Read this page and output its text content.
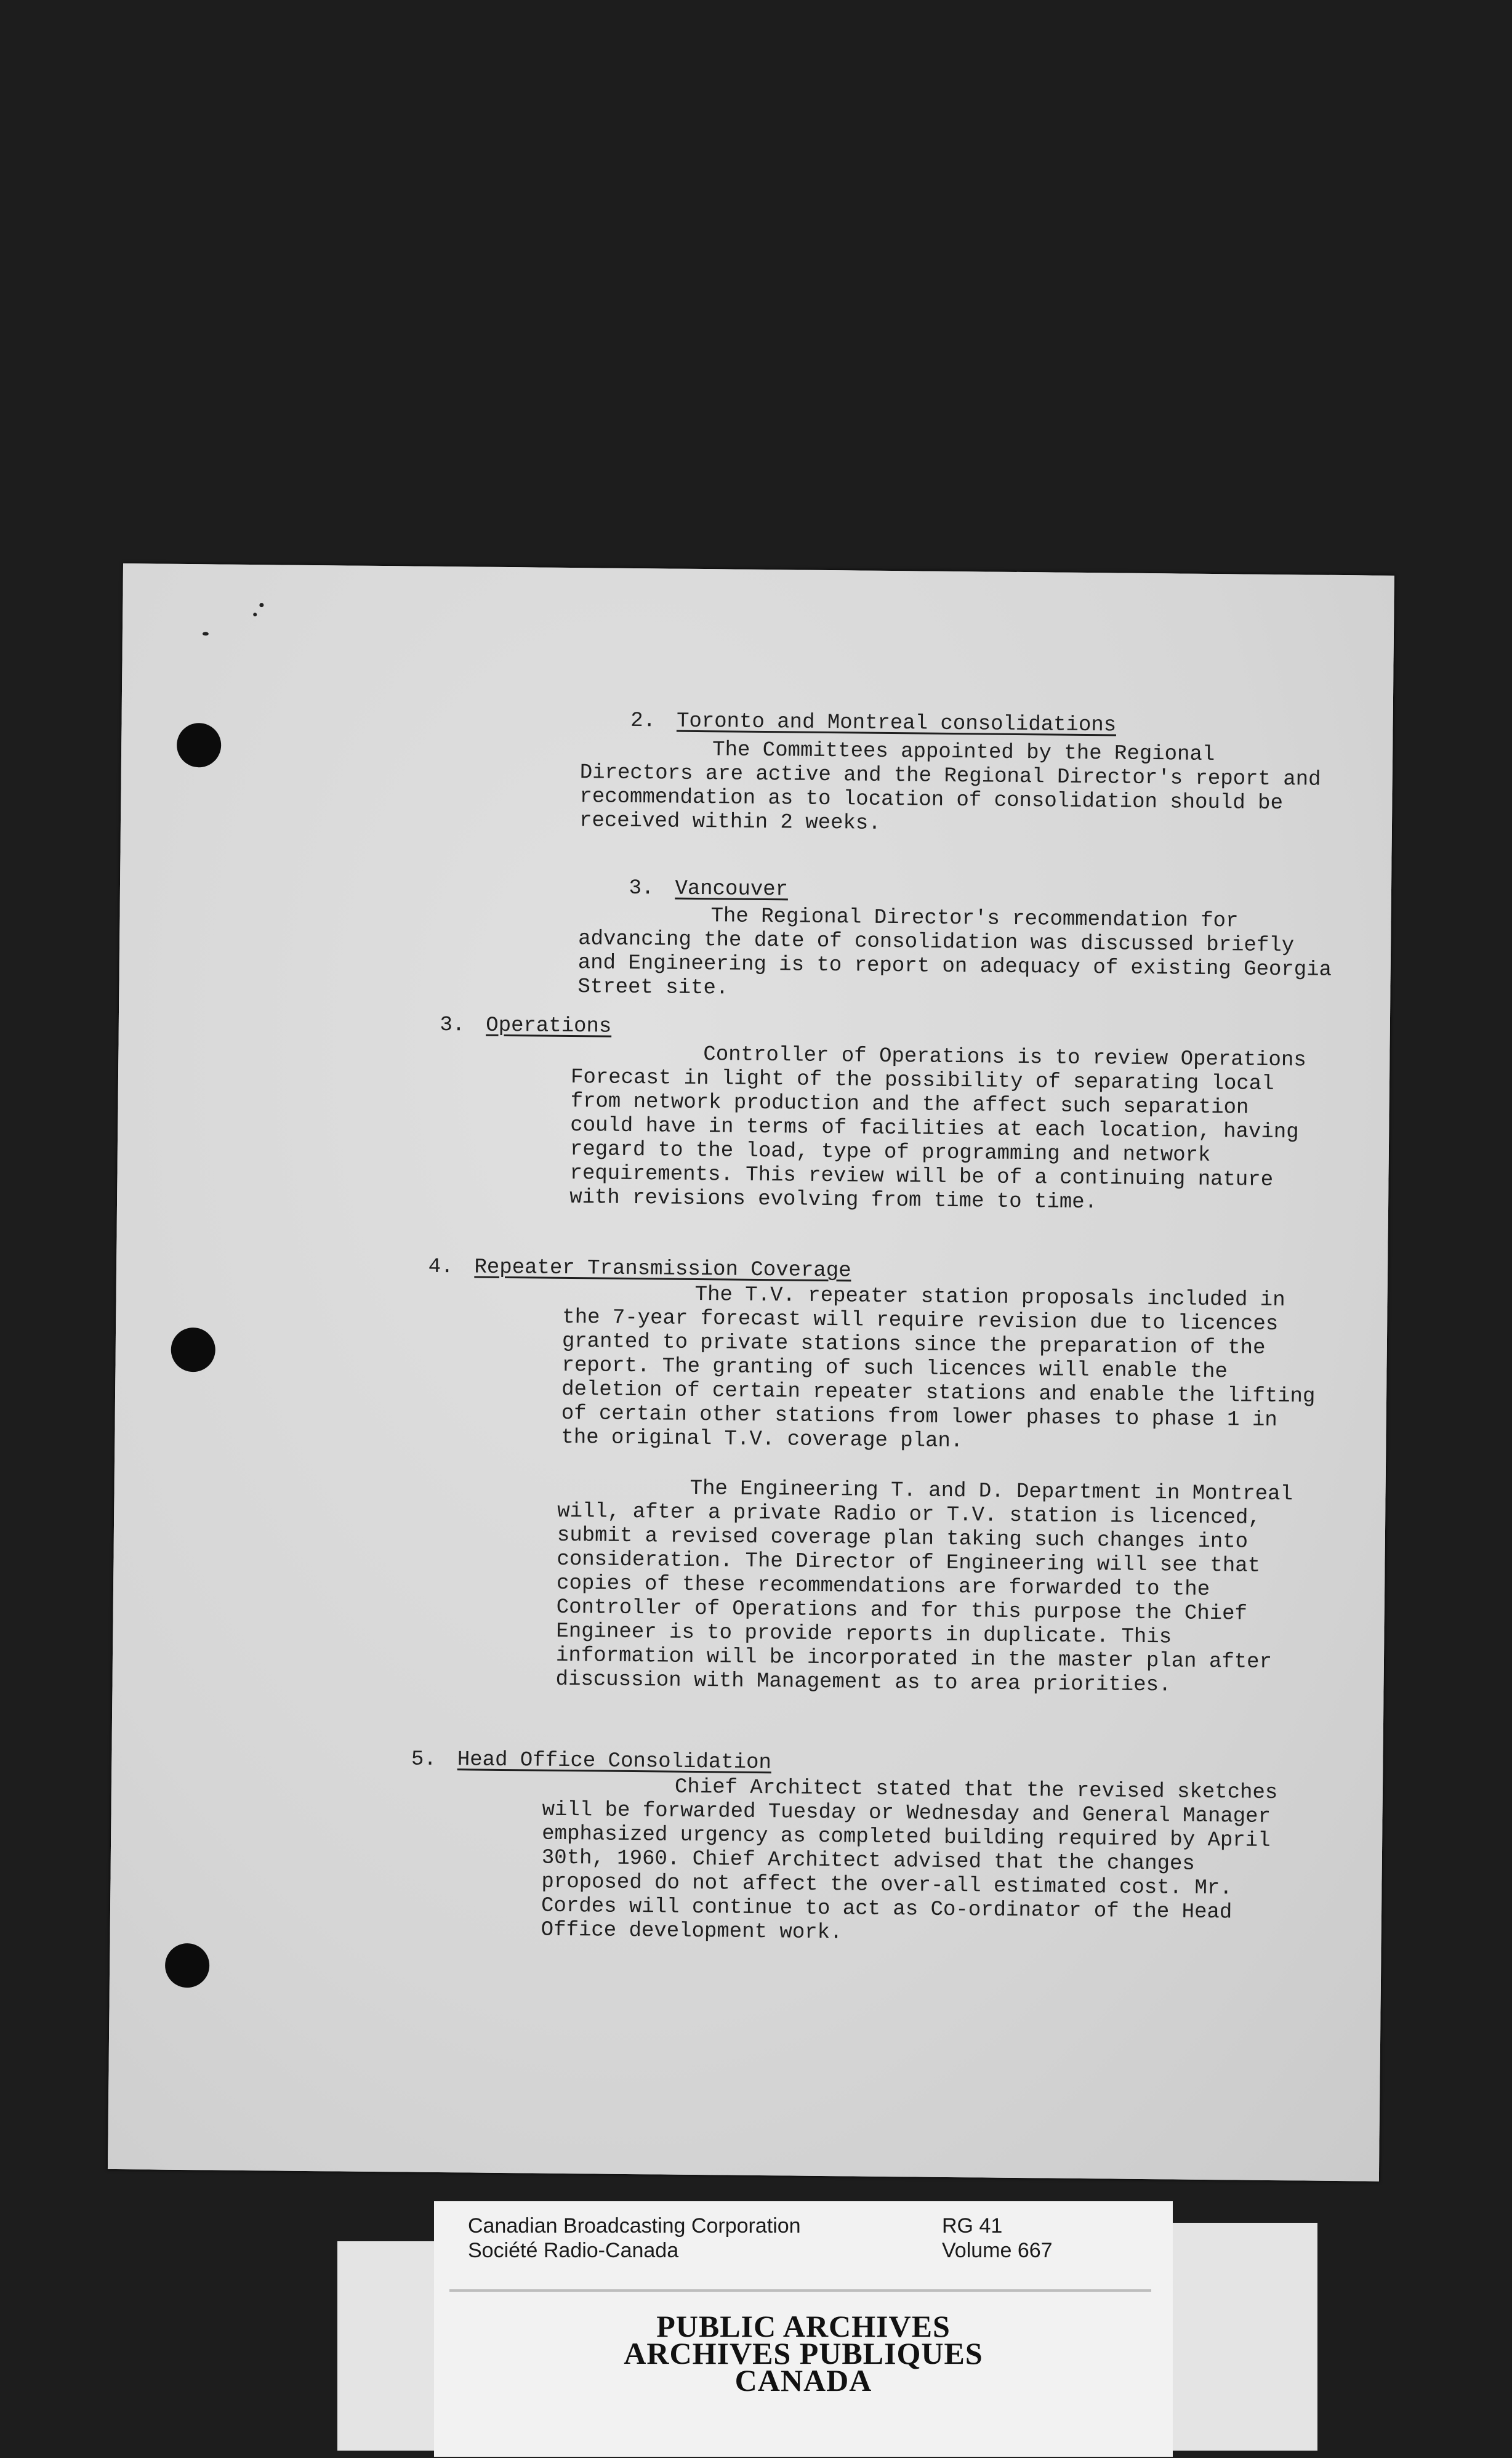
2. Toronto and Montreal consolidations

The Committees appointed by the Regional Directors are active and the Regional Director's report and recommendation as to location of consolidation should be received within 2 weeks.

3. Vancouver

The Regional Director's recommendation for advancing the date of consolidation was discussed briefly and Engineering is to report on adequacy of existing Georgia Street site.

3. Operations

Controller of Operations is to review Operations Forecast in light of the possibility of separating local from network production and the affect such separation could have in terms of facilities at each location, having regard to the load, type of programming and network requirements. This review will be of a continuing nature with revisions evolving from time to time.

4. Repeater Transmission Coverage

The T.V. repeater station proposals included in the 7-year forecast will require revision due to licences granted to private stations since the preparation of the report. The granting of such licences will enable the deletion of certain repeater stations and enable the lifting of certain other stations from lower phases to phase 1 in the original T.V. coverage plan.

The Engineering T. and D. Department in Montreal will, after a private Radio or T.V. station is licenced, submit a revised coverage plan taking such changes into consideration. The Director of Engineering will see that copies of these recommendations are forwarded to the Controller of Operations and for this purpose the Chief Engineer is to provide reports in duplicate. This information will be incorporated in the master plan after discussion with Management as to area priorities.

5. Head Office Consolidation

Chief Architect stated that the revised sketches will be forwarded Tuesday or Wednesday and General Manager emphasized urgency as completed building required by April 30th, 1960. Chief Architect advised that the changes proposed do not affect the over-all estimated cost. Mr. Cordes will continue to act as Co-ordinator of the Head Office development work.

Canadian Broadcasting Corporation
Société Radio-Canada
RG 41
Volume 667
PUBLIC ARCHIVES
ARCHIVES PUBLIQUES
CANADA
